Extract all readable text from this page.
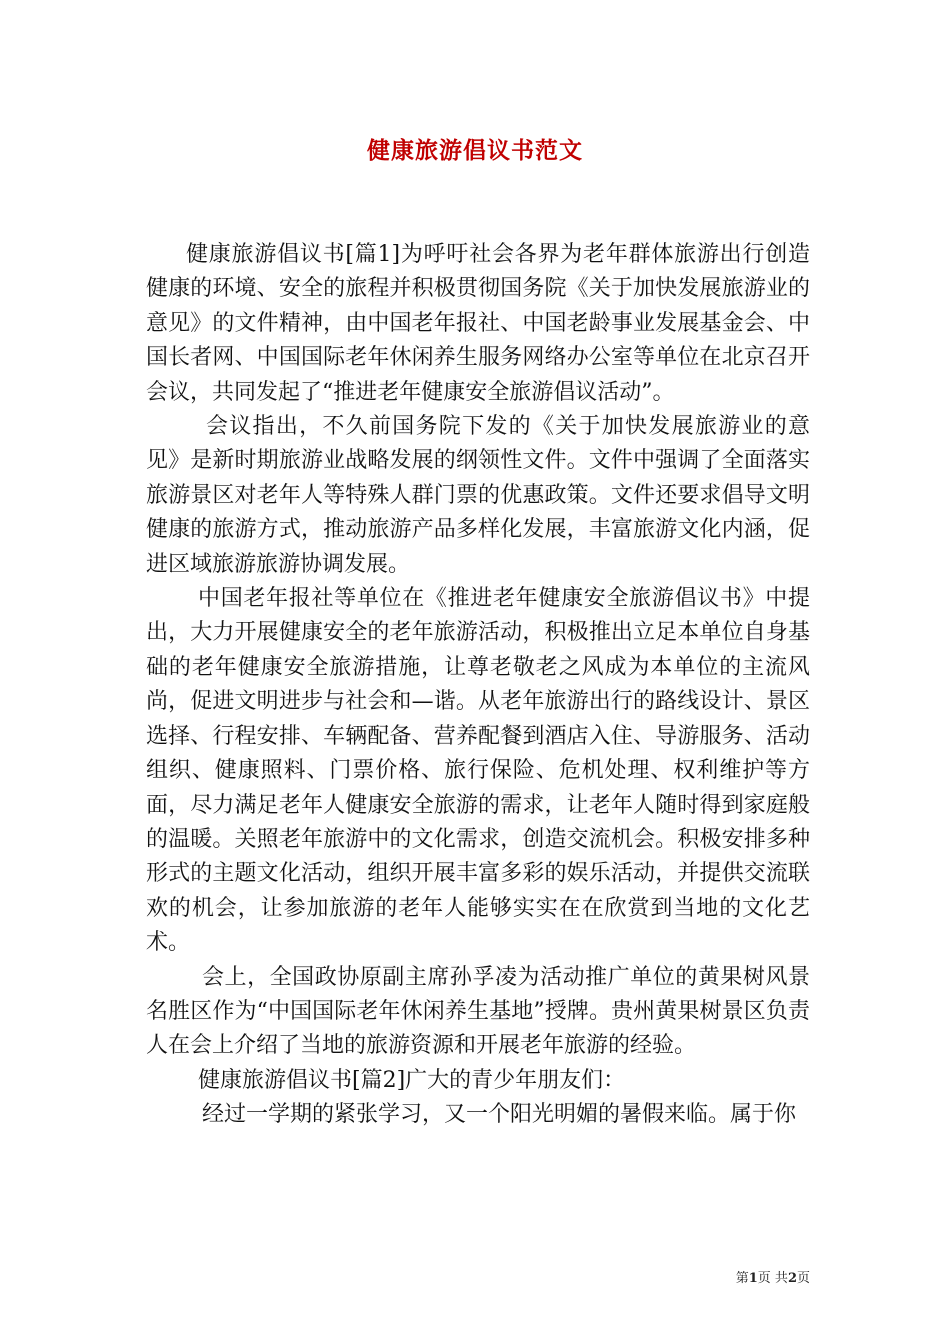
健康旅游倡议书范文

健康旅游倡议书[篇1]为呼吁社会各界为老年群体旅游出行创造健康的环境、安全的旅程并积极贯彻国务院《关于加快发展旅游业的意见》的文件精神，由中国老年报社、中国老龄事业发展基金会、中国长者网、中国国际老年休闲养生服务网络办公室等单位在北京召开会议，共同发起了“推进老年健康安全旅游倡议活动”。

会议指出，不久前国务院下发的《关于加快发展旅游业的意见》是新时期旅游业战略发展的纲领性文件。文件中强调了全面落实旅游景区对老年人等特殊人群门票的优惠政策。文件还要求倡导文明健康的旅游方式，推动旅游产品多样化发展，丰富旅游文化内涵，促进区域旅游旅游协调发展。

中国老年报社等单位在《推进老年健康安全旅游倡议书》中提出，大力开展健康安全的老年旅游活动，积极推出立足本单位自身基础的老年健康安全旅游措施，让尊老敬老之风成为本单位的主流风尚，促进文明进步与社会和—谐。从老年旅游出行的路线设计、景区选择、行程安排、车辆配备、营养配餐到酒店入住、导游服务、活动组织、健康照料、门票价格、旅行保险、危机处理、权利维护等方面，尽力满足老年人健康安全旅游的需求，让老年人随时得到家庭般的温暖。关照老年旅游中的文化需求，创造交流机会。积极安排多种形式的主题文化活动，组织开展丰富多彩的娱乐活动，并提供交流联欢的机会，让参加旅游的老年人能够实实在在欣赏到当地的文化艺术。

会上，全国政协原副主席孙孚凌为活动推广单位的黄果树风景名胜区作为“中国国际老年休闲养生基地”授牌。贵州黄果树景区负责人在会上介绍了当地的旅游资源和开展老年旅游的经验。

健康旅游倡议书[篇2]广大的青少年朋友们：

经过一学期的紧张学习，又一个阳光明媚的暑假来临。属于你

第1页 共2页
